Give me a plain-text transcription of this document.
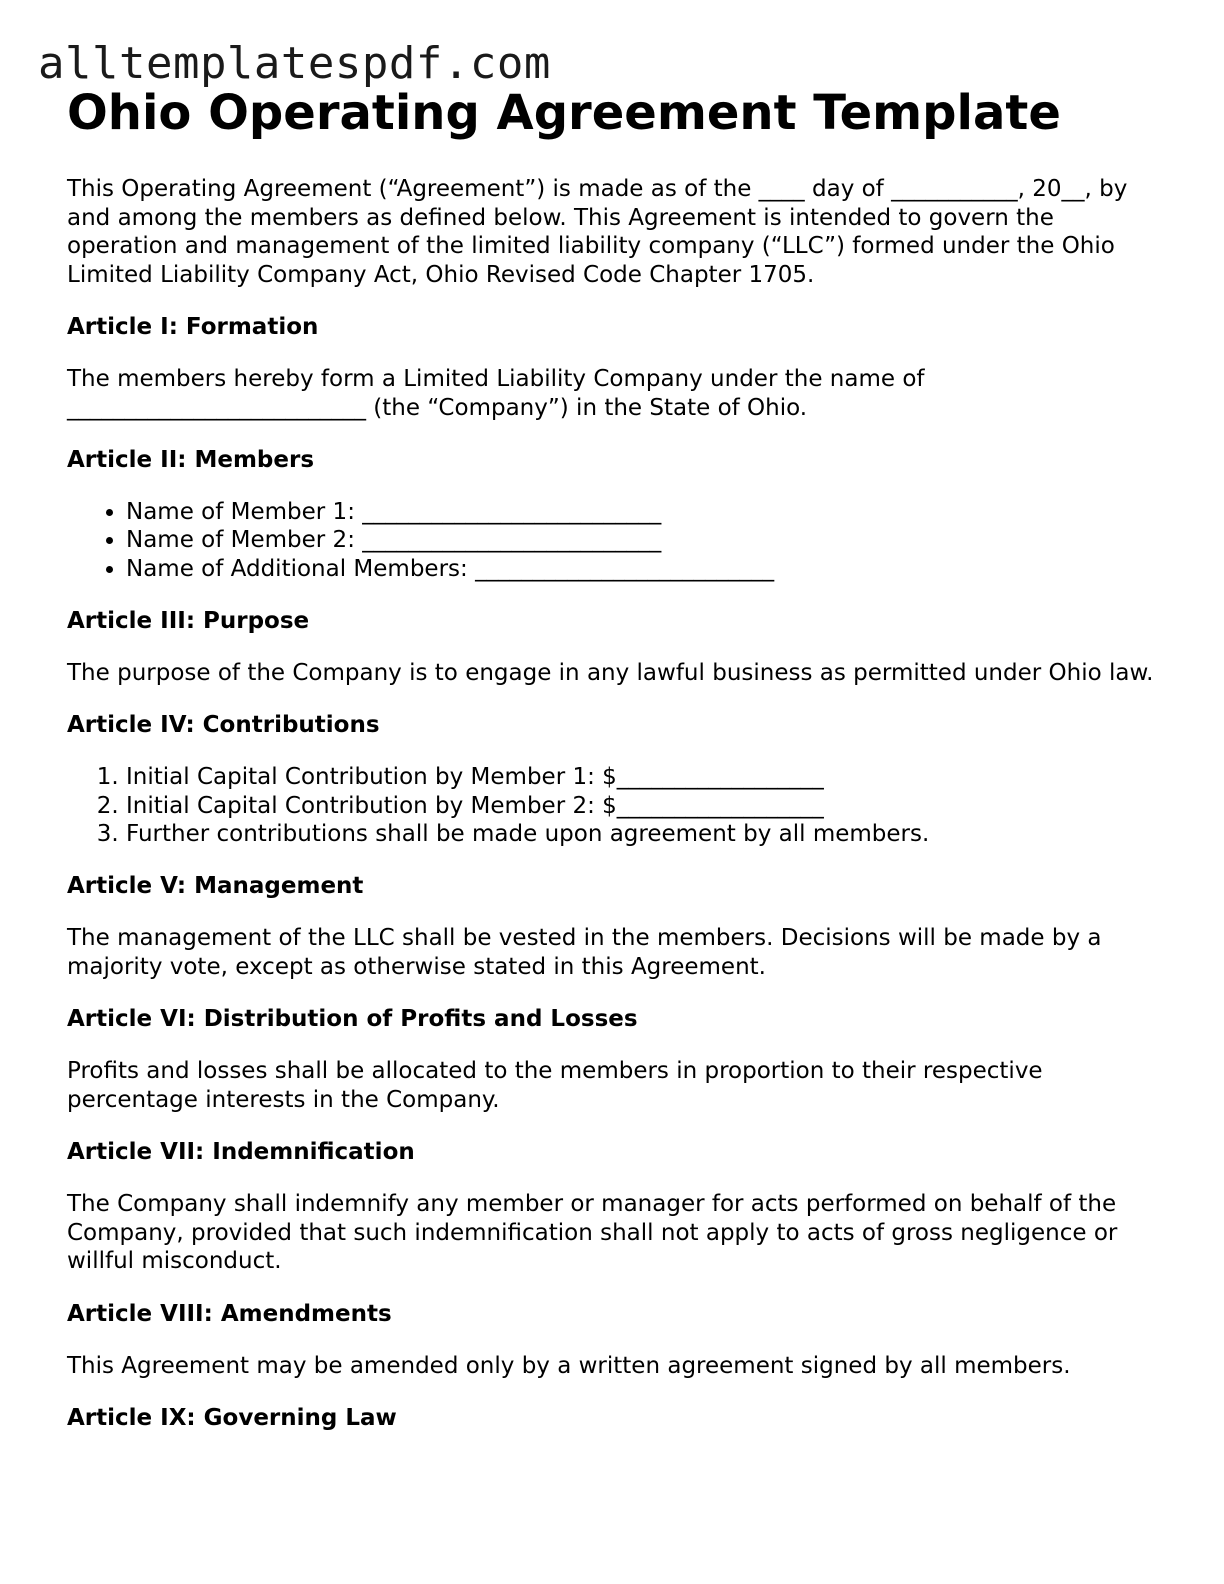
alltemplatespdf.com
Ohio Operating Agreement Template

This Operating Agreement (“Agreement”) is made as of the ____ day of ___________, 20__, by and among the members as defined below. This Agreement is intended to govern the operation and management of the limited liability company (“LLC”) formed under the Ohio Limited Liability Company Act, Ohio Revised Code Chapter 1705.

Article I: Formation

The members hereby form a Limited Liability Company under the name of __________________________ (the “Company”) in the State of Ohio.

Article II: Members
• Name of Member 1: __________________________
• Name of Member 2: __________________________
• Name of Additional Members: __________________________
Article III: Purpose

The purpose of the Company is to engage in any lawful business as permitted under Ohio law.

Article IV: Contributions
1. Initial Capital Contribution by Member 1: $__________________
2. Initial Capital Contribution by Member 2: $__________________
3. Further contributions shall be made upon agreement by all members.
Article V: Management

The management of the LLC shall be vested in the members. Decisions will be made by a majority vote, except as otherwise stated in this Agreement.

Article VI: Distribution of Profits and Losses

Profits and losses shall be allocated to the members in proportion to their respective percentage interests in the Company.

Article VII: Indemnification

The Company shall indemnify any member or manager for acts performed on behalf of the Company, provided that such indemnification shall not apply to acts of gross negligence or willful misconduct.

Article VIII: Amendments

This Agreement may be amended only by a written agreement signed by all members.

Article IX: Governing Law
